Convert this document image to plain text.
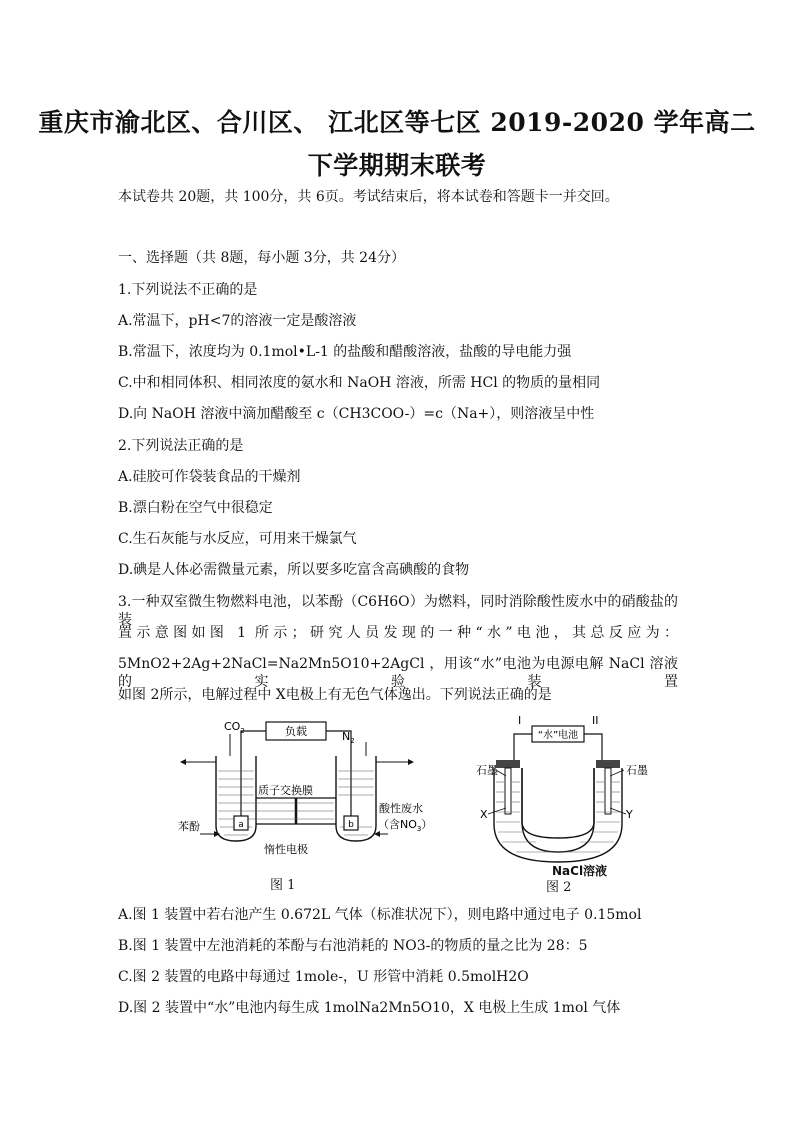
重庆市渝北区、合川区、 江北区等七区 2019-2020 学年高二
下学期期末联考
本试卷共 20题，共 100分，共 6页。考试结束后，将本试卷和答题卡一并交回。
一、选择题（共 8题，每小题 3分，共 24分）
1.下列说法不正确的是
A.常温下，pH<7的溶液一定是酸溶液
B.常温下，浓度均为 0.1mol•L-1 的盐酸和醋酸溶液，盐酸的导电能力强
C.中和相同体积、相同浓度的氨水和 NaOH 溶液，所需 HCl 的物质的量相同
D.向 NaOH 溶液中滴加醋酸至 c（CH3COO-）=c（Na+），则溶液呈中性
2.下列说法正确的是
A.硅胶可作袋装食品的干燥剂
B.漂白粉在空气中很稳定
C.生石灰能与水反应，可用来干燥氯气
D.碘是人体必需微量元素，所以要多吃富含高碘酸的食物
3.一种双室微生物燃料电池，以苯酚（C6H6O）为燃料，同时消除酸性废水中的硝酸盐的装
置示意图如图 1 所示；研究人员发现的一种“水”电池，其总反应为：
5MnO2+2Ag+2NaCl=Na2Mn5O10+2AgCl ，用该“水”电池为电源电解 NaCl 溶液的实验装置
如图 2所示，电解过程中 X电极上有无色气体逸出。下列说法正确的是
负载
$CO_2$	$N_2$
a	b
质子交换膜
苯酚
酸性废水
（含$NO_3$）
惰性电极
图 1
I	II
“水”电池
石墨	石墨
X	Y
NaCl溶液
图 2
A.图 1 装置中若右池产生 0.672L 气体（标准状况下），则电路中通过电子 0.15mol
B.图 1 装置中左池消耗的苯酚与右池消耗的 NO3-的物质的量之比为 28：5
C.图 2 装置的电路中每通过 1mole-，U 形管中消耗 0.5molH2O
D.图 2 装置中“水”电池内每生成 1molNa2Mn5O10，X 电极上生成 1mol 气体
